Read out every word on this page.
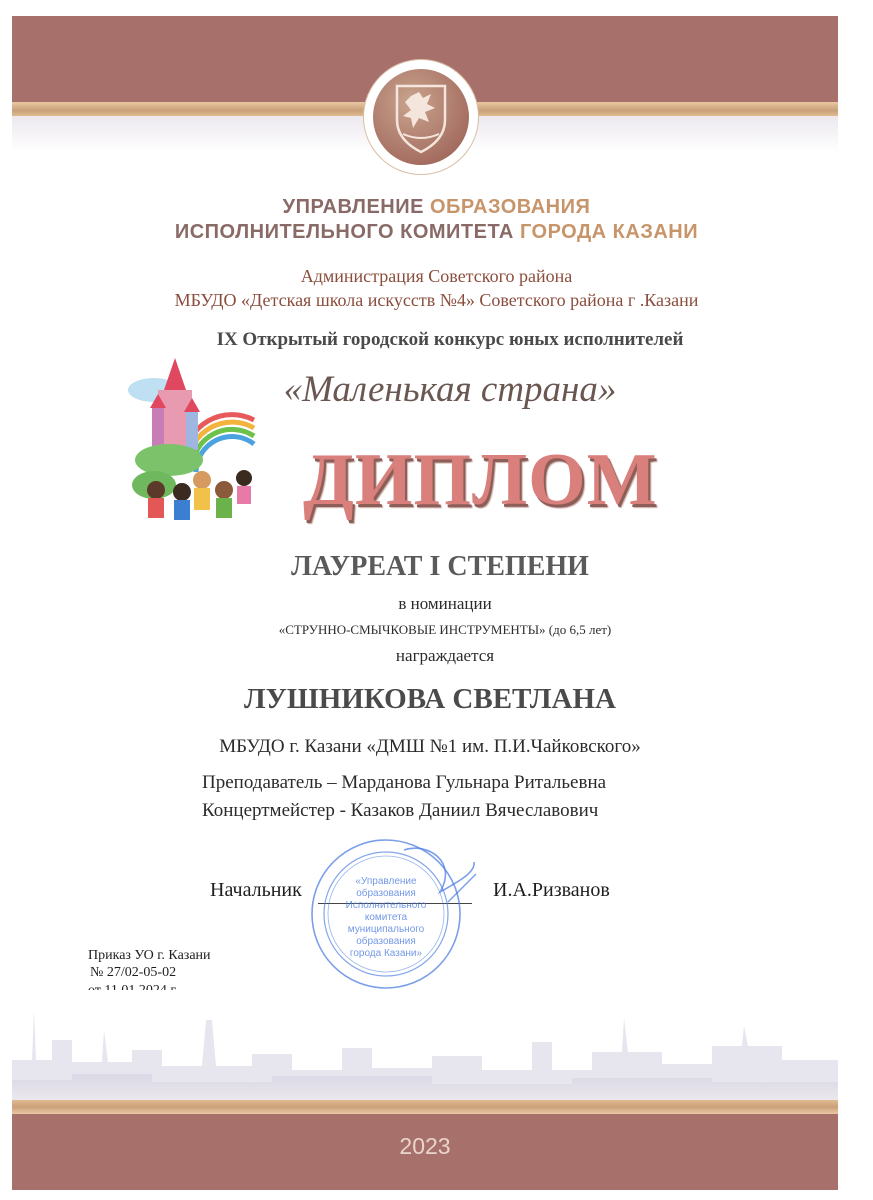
УПРАВЛЕНИЕ ОБРАЗОВАНИЯ
ИСПОЛНИТЕЛЬНОГО КОМИТЕТА ГОРОДА КАЗАНИ
Администрация Советского района
МБУДО «Детская школа искусств №4» Советского района г .Казани
IX Открытый городской конкурс юных исполнителей
«Маленькая страна»
ДИПЛОМ
ЛАУРЕАТ I СТЕПЕНИ
в номинации
«СТРУННО-СМЫЧКОВЫЕ ИНСТРУМЕНТЫ» (до 6,5 лет)
награждается
ЛУШНИКОВА СВЕТЛАНА
МБУДО г. Казани «ДМШ №1 им. П.И.Чайковского»
Преподаватель – Марданова Гульнара Ритальевна
Концертмейстер - Казаков Даниил Вячеславович
Начальник	И.А.Ризванов
«Управление
образования
Исполнительного
комитета
муниципального
образования
города Казани»
Приказ УО г. Казани
№ 27/02-05-02
2023
